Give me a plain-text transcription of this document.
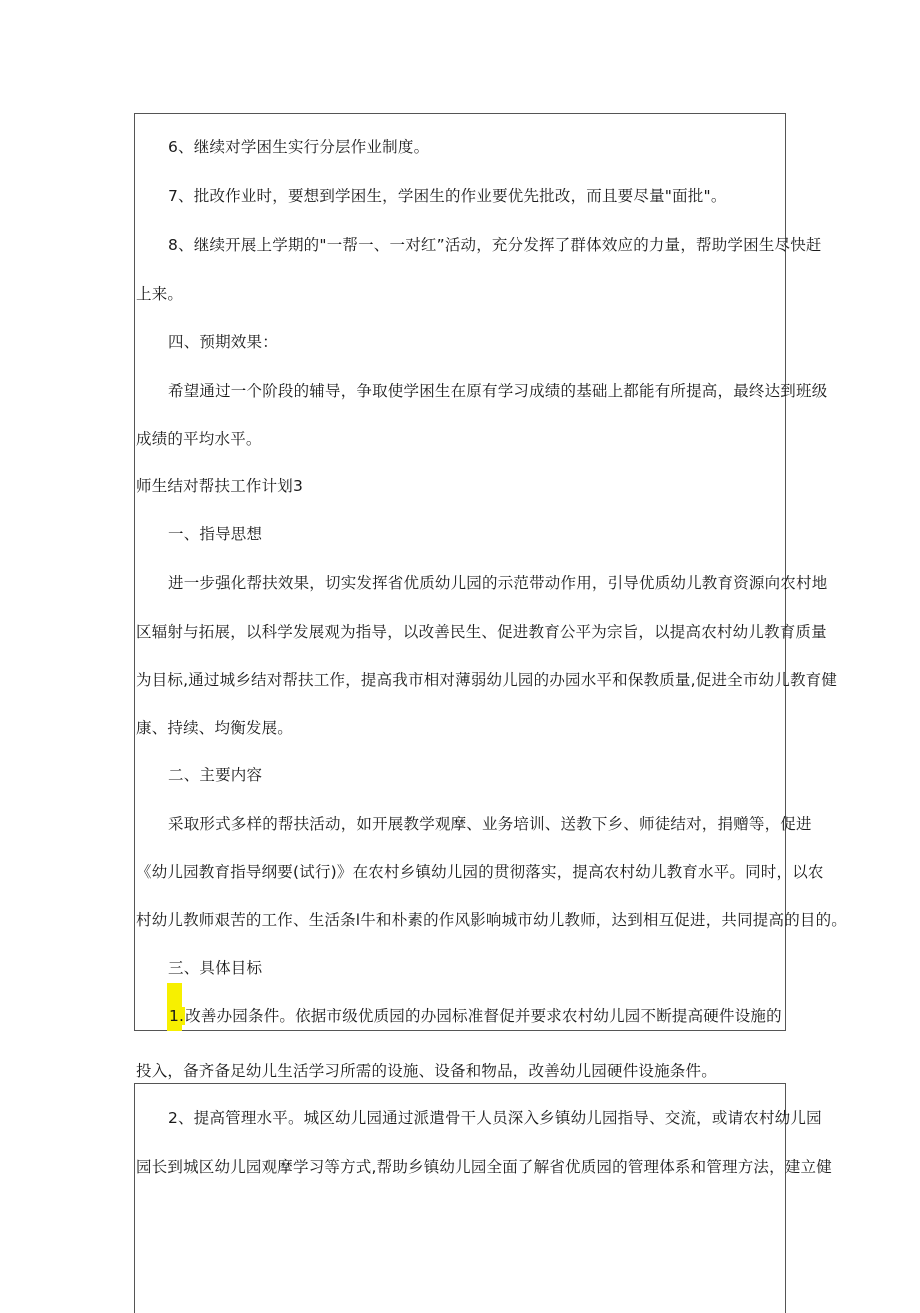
6、继续对学困生实行分层作业制度。
7、批改作业时，要想到学困生，学困生的作业要优先批改，而且要尽量"面批"。
8、继续开展上学期的"一帮一、一对红”活动，充分发挥了群体效应的力量，帮助学困生尽快赶
上来。
四、预期效果：
希望通过一个阶段的辅导，争取使学困生在原有学习成绩的基础上都能有所提高，最终达到班级
成绩的平均水平。
师生结对帮扶工作计划3
一、指导思想
进一步强化帮扶效果，切实发挥省优质幼儿园的示范带动作用，引导优质幼儿教育资源向农村地
区辐射与拓展，以科学发展观为指导，以改善民生、促进教育公平为宗旨，以提高农村幼儿教育质量
为目标,通过城乡结对帮扶工作，提高我市相对薄弱幼儿园的办园水平和保教质量,促进全市幼儿教育健
康、持续、均衡发展。
二、主要内容
采取形式多样的帮扶活动，如开展教学观摩、业务培训、送教下乡、师徒结对，捐赠等，促进
《幼儿园教育指导纲要(试行)》在农村乡镇幼儿园的贯彻落实，提高农村幼儿教育水平。同时，以农
村幼儿教师艰苦的工作、生活条l牛和朴素的作风影响城市幼儿教师，达到相互促进，共同提高的目的。
三、具体目标
1.改善办园条件。依据市级优质园的办园标准督促并要求农村幼儿园不断提高硬件设施的
投入，备齐备足幼儿生活学习所需的设施、设备和物品，改善幼儿园硬件设施条件。
2、提高管理水平。城区幼儿园通过派遣骨干人员深入乡镇幼儿园指导、交流，或请农村幼儿园
园长到城区幼儿园观摩学习等方式,帮助乡镇幼儿园全面了解省优质园的管理体系和管理方法，建立健
